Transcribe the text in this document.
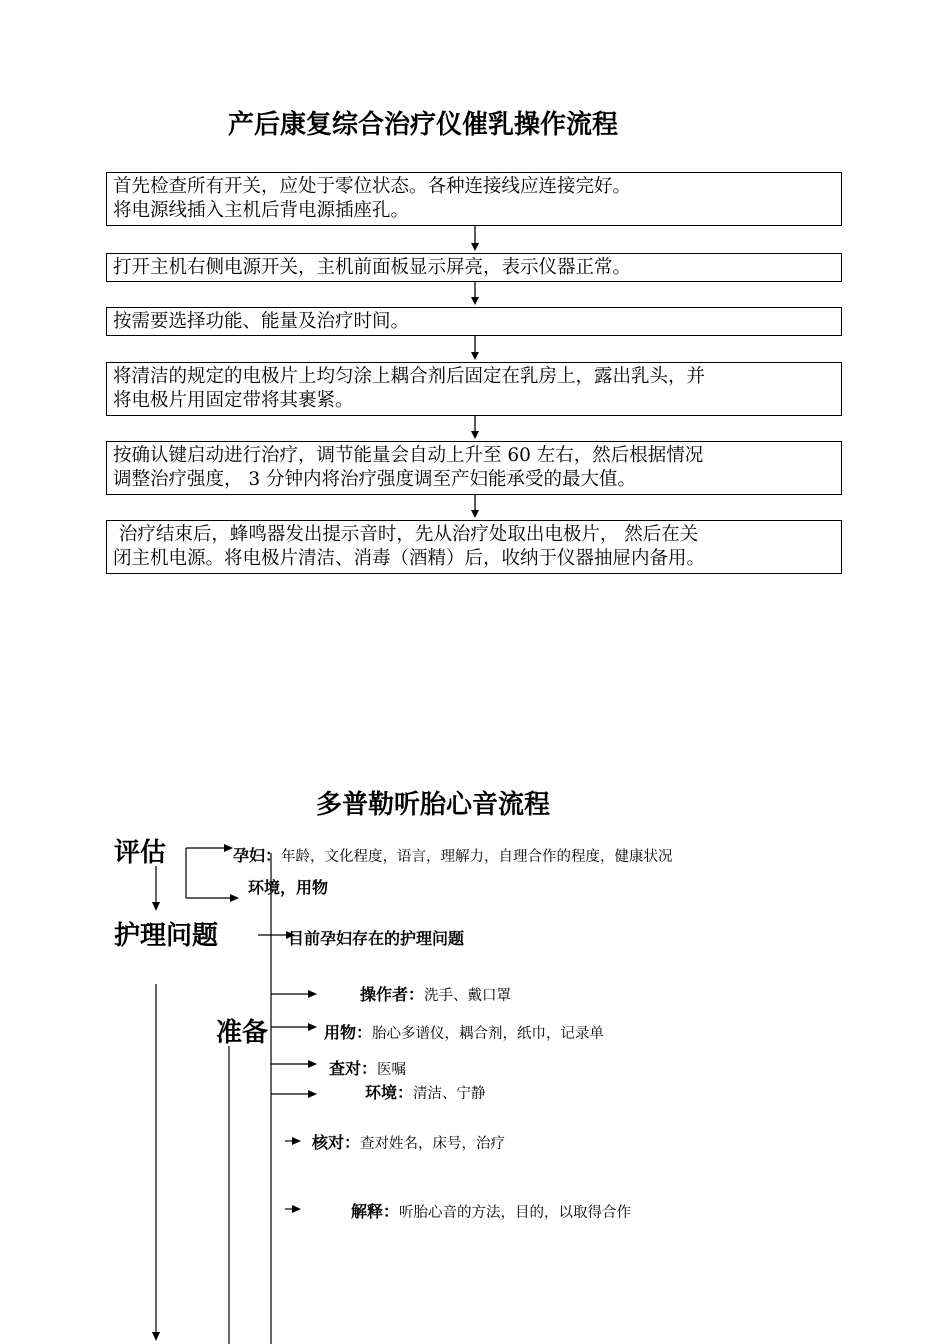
产后康复综合治疗仪催乳操作流程

首先检查所有开关，应处于零位状态。各种连接线应连接完好。

将电源线插入主机后背电源插座孔。

打开主机右侧电源开关，主机前面板显示屏亮，表示仪器正常。

按需要选择功能、能量及治疗时间。

将清洁的规定的电极片上均匀涂上耦合剂后固定在乳房上，露出乳头，并

将电极片用固定带将其裹紧。

按确认键启动进行治疗，调节能量会自动上升至 60 左右，然后根据情况

调整治疗强度， 3 分钟内将治疗强度调至产妇能承受的最大值。

治疗结束后，蜂鸣器发出提示音时，先从治疗处取出电极片， 然后在关

闭主机电源。将电极片清洁、消毒（酒精）后，收纳于仪器抽屉内备用。

多普勒听胎心音流程
评估	孕妇：年龄，文化程度，语言，理解力，自理合作的程度，健康状况
环境，用物
护理问题	目前孕妇存在的护理问题
准备
操作者：洗手、戴口罩
用物：胎心多谱仪，耦合剂，纸巾，记录单
查对：医嘱
环境：清洁、宁静
核对：查对姓名，床号，治疗
解释：听胎心音的方法，目的，以取得合作
